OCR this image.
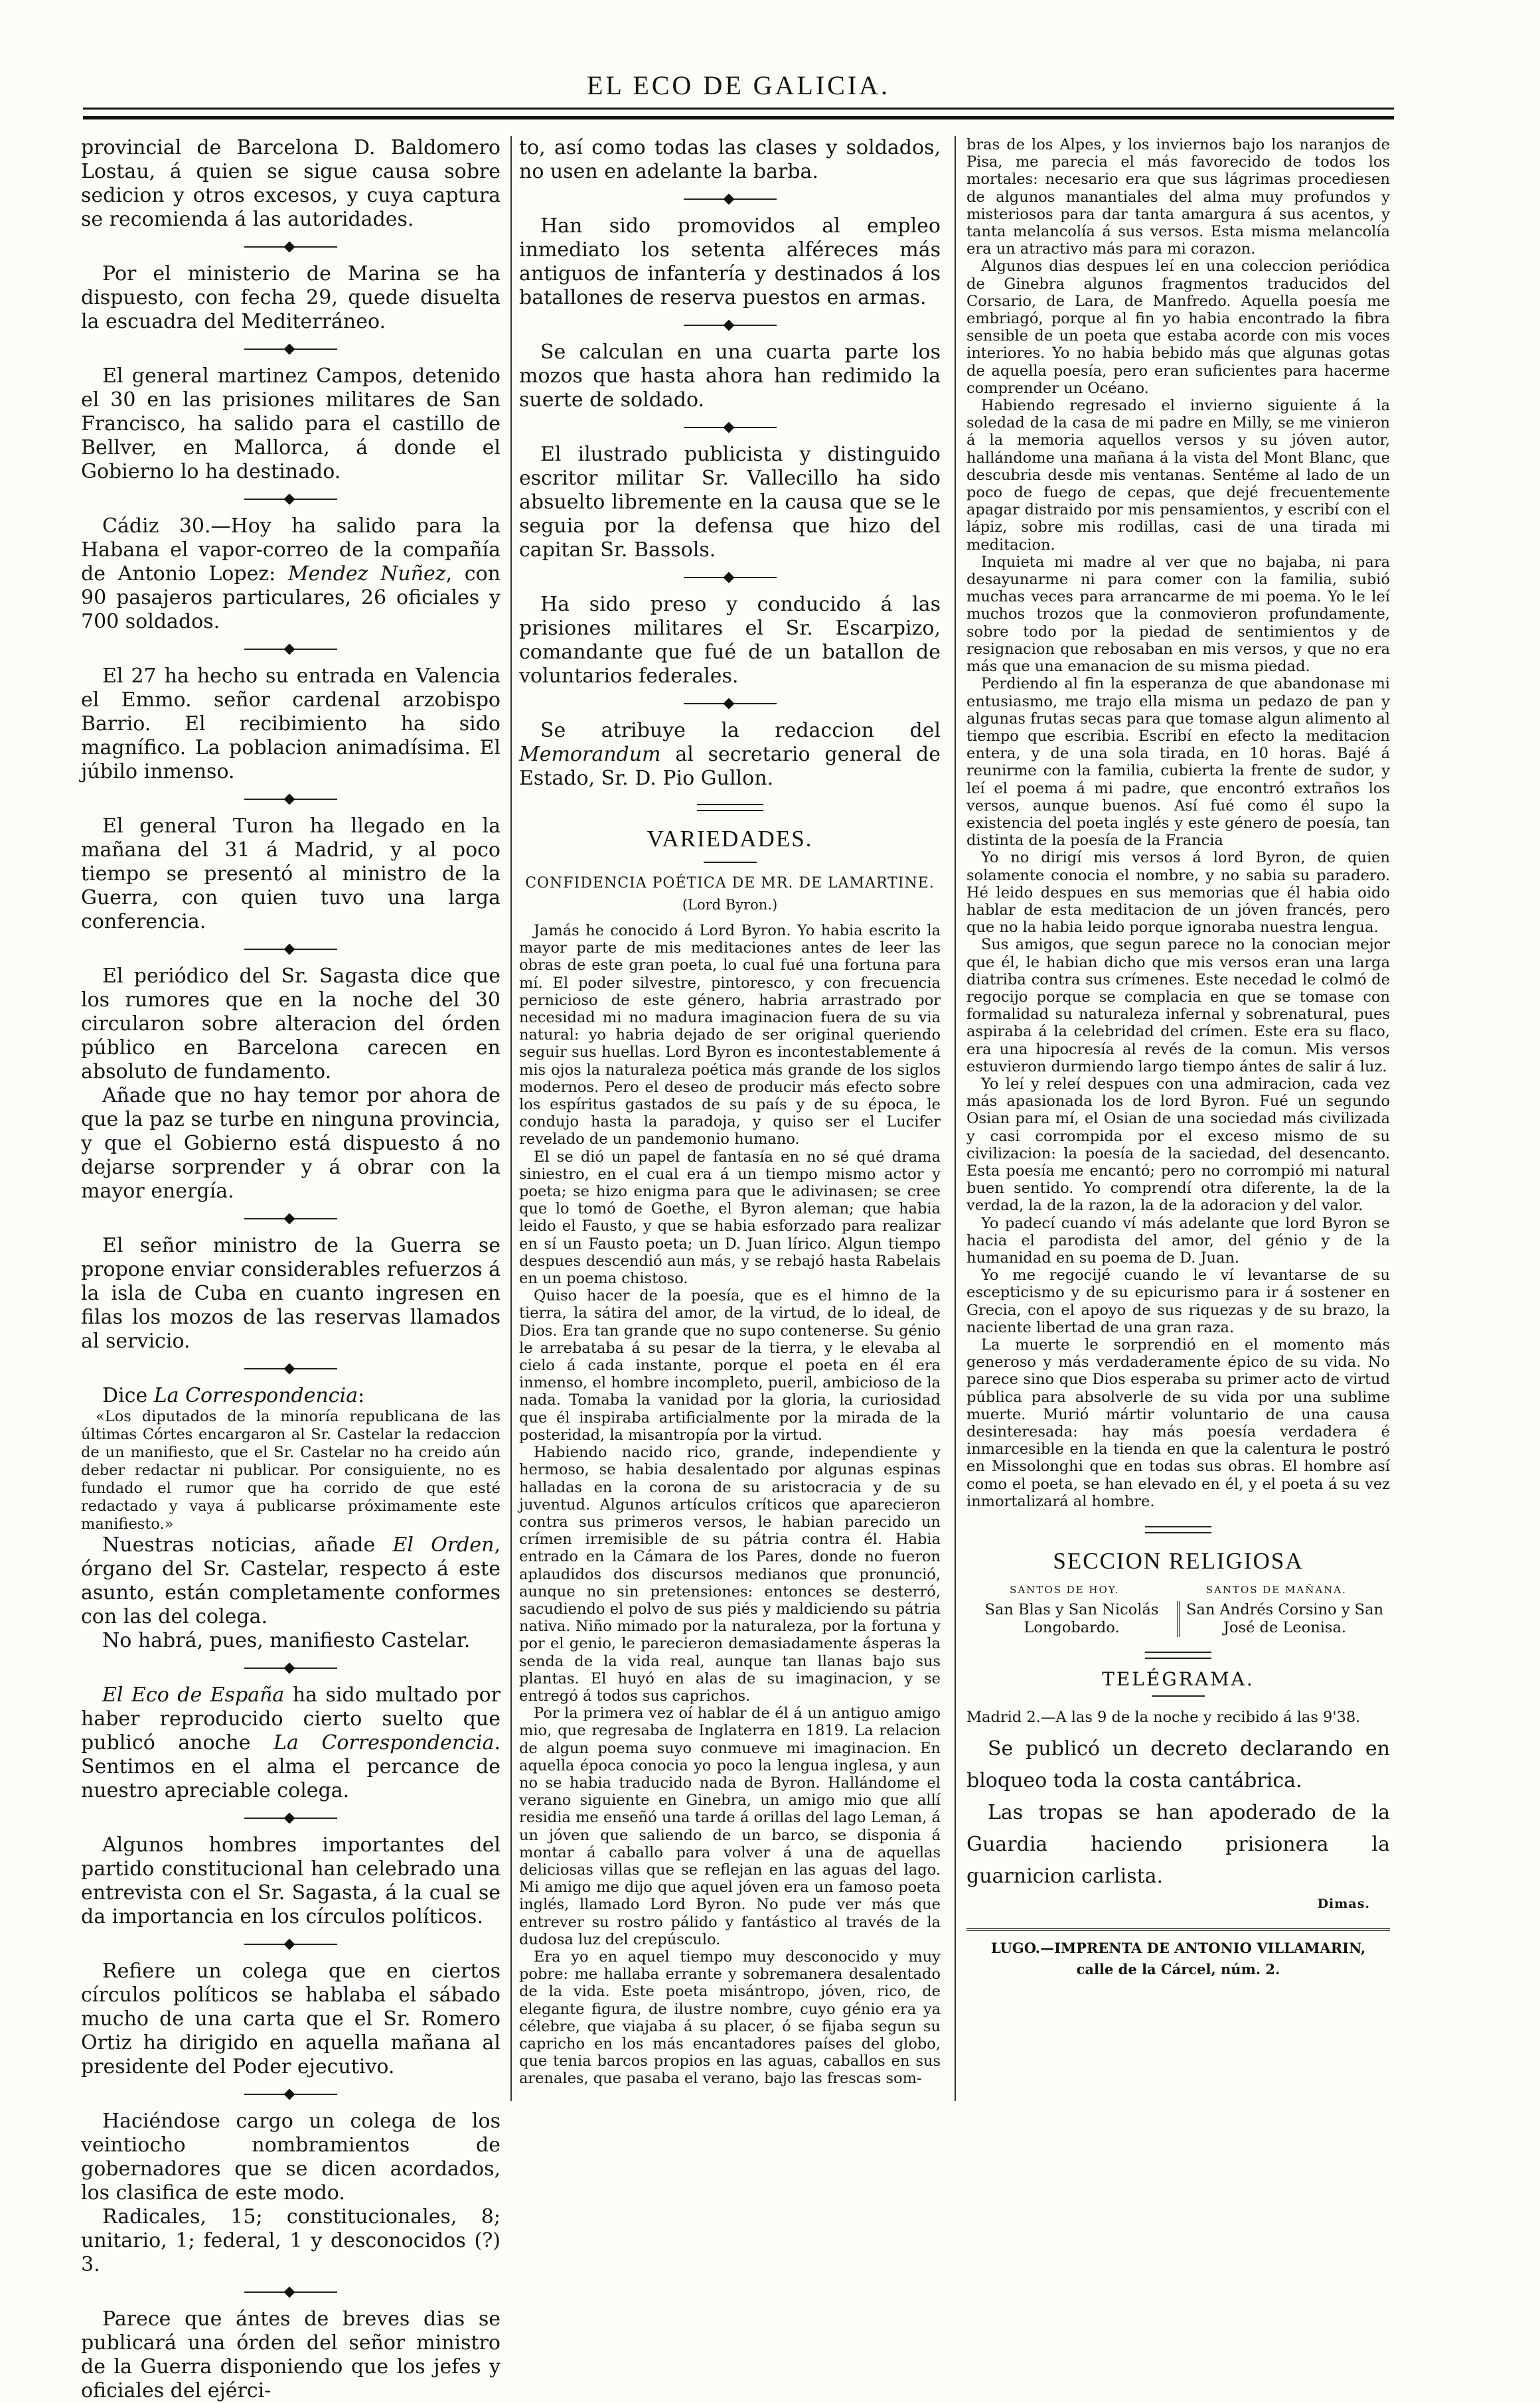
EL ECO DE GALICIA.

provincial de Barcelona D. Baldomero Lostau, á quien se sigue causa sobre sedicion y otros excesos, y cuya captura se recomienda á las autoridades.

Por el ministerio de Marina se ha dispuesto, con fecha 29, quede disuelta la escuadra del Mediterráneo.

El general martinez Campos, detenido el 30 en las prisiones militares de San Francisco, ha salido para el castillo de Bellver, en Mallorca, á donde el Gobierno lo ha destinado.

Cádiz 30.—Hoy ha salido para la Habana el vapor-correo de la compañía de Antonio Lopez: Mendez Nuñez, con 90 pasajeros particulares, 26 oficiales y 700 soldados.

El 27 ha hecho su entrada en Valencia el Emmo. señor cardenal arzobispo Barrio. El recibimiento ha sido magnífico. La poblacion animadísima. El júbilo inmenso.

El general Turon ha llegado en la mañana del 31 á Madrid, y al poco tiempo se presentó al ministro de la Guerra, con quien tuvo una larga conferencia.

El periódico del Sr. Sagasta dice que los rumores que en la noche del 30 circularon sobre alteracion del órden público en Barcelona carecen en absoluto de fundamento.

Añade que no hay temor por ahora de que la paz se turbe en ninguna provincia, y que el Gobierno está dispuesto á no dejarse sorprender y á obrar con la mayor energía.

El señor ministro de la Guerra se propone enviar considerables refuerzos á la isla de Cuba en cuanto ingresen en filas los mozos de las reservas llamados al servicio.

Dice La Correspondencia:

«Los diputados de la minoría republicana de las últimas Córtes encargaron al Sr. Castelar la redaccion de un manifiesto, que el Sr. Castelar no ha creido aún deber redactar ni publicar. Por consiguiente, no es fundado el rumor que ha corrido de que esté redactado y vaya á publicarse próximamente este manifiesto.»

Nuestras noticias, añade El Orden, órgano del Sr. Castelar, respecto á este asunto, están completamente conformes con las del colega.

No habrá, pues, manifiesto Castelar.

El Eco de España ha sido multado por haber reproducido cierto suelto que publicó anoche La Correspondencia. Sentimos en el alma el percance de nuestro apreciable colega.

Algunos hombres importantes del partido constitucional han celebrado una entrevista con el Sr. Sagasta, á la cual se da importancia en los círculos políticos.

Refiere un colega que en ciertos círculos políticos se hablaba el sábado mucho de una carta que el Sr. Romero Ortiz ha dirigido en aquella mañana al presidente del Poder ejecutivo.

Haciéndose cargo un colega de los veintiocho nombramientos de gobernadores que se dicen acordados, los clasifica de este modo.

Radicales, 15; constitucionales, 8; unitario, 1; federal, 1 y desconocidos (?) 3.

Parece que ántes de breves dias se publicará una órden del señor ministro de la Guerra disponiendo que los jefes y oficiales del ejérci-

to, así como todas las clases y soldados, no usen en adelante la barba.

Han sido promovidos al empleo inmediato los setenta alféreces más antiguos de infantería y destinados á los batallones de reserva puestos en armas.

Se calculan en una cuarta parte los mozos que hasta ahora han redimido la suerte de soldado.

El ilustrado publicista y distinguido escritor militar Sr. Vallecillo ha sido absuelto libremente en la causa que se le seguia por la defensa que hizo del capitan Sr. Bassols.

Ha sido preso y conducido á las prisiones militares el Sr. Escarpizo, comandante que fué de un batallon de voluntarios federales.

Se atribuye la redaccion del Memorandum al secretario general de Estado, Sr. D. Pio Gullon.

VARIEDADES.
CONFIDENCIA POÉTICA DE MR. DE LAMARTINE.
(Lord Byron.)

Jamás he conocido á Lord Byron. Yo habia escrito la mayor parte de mis meditaciones antes de leer las obras de este gran poeta, lo cual fué una fortuna para mí. El poder silvestre, pintoresco, y con frecuencia pernicioso de este género, habria arrastrado por necesidad mi no madura imaginacion fuera de su via natural: yo habria dejado de ser original queriendo seguir sus huellas. Lord Byron es incontestablemente á mis ojos la naturaleza poética más grande de los siglos modernos. Pero el deseo de producir más efecto sobre los espíritus gastados de su país y de su época, le condujo hasta la paradoja, y quiso ser el Lucifer revelado de un pandemonio humano.

El se dió un papel de fantasía en no sé qué drama siniestro, en el cual era á un tiempo mismo actor y poeta; se hizo enigma para que le adivinasen; se cree que lo tomó de Goethe, el Byron aleman; que habia leido el Fausto, y que se habia esforzado para realizar en sí un Fausto poeta; un D. Juan lírico. Algun tiempo despues descendió aun más, y se rebajó hasta Rabelais en un poema chistoso.

Quiso hacer de la poesía, que es el himno de la tierra, la sátira del amor, de la virtud, de lo ideal, de Dios. Era tan grande que no supo contenerse. Su génio le arrebataba á su pesar de la tierra, y le elevaba al cielo á cada instante, porque el poeta en él era inmenso, el hombre incompleto, pueril, ambicioso de la nada. Tomaba la vanidad por la gloria, la curiosidad que él inspiraba artificialmente por la mirada de la posteridad, la misantropía por la virtud.

Habiendo nacido rico, grande, independiente y hermoso, se habia desalentado por algunas espinas halladas en la corona de su aristocracia y de su juventud. Algunos artículos críticos que aparecieron contra sus primeros versos, le habian parecido un crímen irremisible de su pátria contra él. Habia entrado en la Cámara de los Pares, donde no fueron aplaudidos dos discursos medianos que pronunció, aunque no sin pretensiones: entonces se desterró, sacudiendo el polvo de sus piés y maldiciendo su pátria nativa. Niño mimado por la naturaleza, por la fortuna y por el genio, le parecieron demasiadamente ásperas la senda de la vida real, aunque tan llanas bajo sus plantas. El huyó en alas de su imaginacion, y se entregó á todos sus caprichos.

Por la primera vez oí hablar de él á un antiguo amigo mio, que regresaba de Inglaterra en 1819. La relacion de algun poema suyo conmueve mi imaginacion. En aquella época conocia yo poco la lengua inglesa, y aun no se habia traducido nada de Byron. Hallándome el verano siguiente en Ginebra, un amigo mio que allí residia me enseñó una tarde á orillas del lago Leman, á un jóven que saliendo de un barco, se disponia á montar á caballo para volver á una de aquellas deliciosas villas que se reflejan en las aguas del lago. Mi amigo me dijo que aquel jóven era un famoso poeta inglés, llamado Lord Byron. No pude ver más que entrever su rostro pálido y fantástico al través de la dudosa luz del crepúsculo.

Era yo en aquel tiempo muy desconocido y muy pobre: me hallaba errante y sobremanera desalentado de la vida. Este poeta misántropo, jóven, rico, de elegante figura, de ilustre nombre, cuyo génio era ya célebre, que viajaba á su placer, ó se fijaba segun su capricho en los más encantadores países del globo, que tenia barcos propios en las aguas, caballos en sus arenales, que pasaba el verano, bajo las frescas som-

bras de los Alpes, y los inviernos bajo los naranjos de Pisa, me parecia el más favorecido de todos los mortales: necesario era que sus lágrimas procediesen de algunos manantiales del alma muy profundos y misteriosos para dar tanta amargura á sus acentos, y tanta melancolía á sus versos. Esta misma melancolía era un atractivo más para mi corazon.

Algunos dias despues leí en una coleccion periódica de Ginebra algunos fragmentos traducidos del Corsario, de Lara, de Manfredo. Aquella poesía me embriagó, porque al fin yo habia encontrado la fibra sensible de un poeta que estaba acorde con mis voces interiores. Yo no habia bebido más que algunas gotas de aquella poesía, pero eran suficientes para hacerme comprender un Océano.

Habiendo regresado el invierno siguiente á la soledad de la casa de mi padre en Milly, se me vinieron á la memoria aquellos versos y su jóven autor, hallándome una mañana á la vista del Mont Blanc, que descubria desde mis ventanas. Sentéme al lado de un poco de fuego de cepas, que dejé frecuentemente apagar distraido por mis pensamientos, y escribí con el lápiz, sobre mis rodillas, casi de una tirada mi meditacion.

Inquieta mi madre al ver que no bajaba, ni para desayunarme ni para comer con la familia, subió muchas veces para arrancarme de mi poema. Yo le leí muchos trozos que la conmovieron profundamente, sobre todo por la piedad de sentimientos y de resignacion que rebosaban en mis versos, y que no era más que una emanacion de su misma piedad.

Perdiendo al fin la esperanza de que abandonase mi entusiasmo, me trajo ella misma un pedazo de pan y algunas frutas secas para que tomase algun alimento al tiempo que escribia. Escribí en efecto la meditacion entera, y de una sola tirada, en 10 horas. Bajé á reunirme con la familia, cubierta la frente de sudor, y leí el poema á mi padre, que encontró extraños los versos, aunque buenos. Así fué como él supo la existencia del poeta inglés y este género de poesía, tan distinta de la poesía de la Francia

Yo no dirigí mis versos á lord Byron, de quien solamente conocia el nombre, y no sabia su paradero. Hé leido despues en sus memorias que él habia oido hablar de esta meditacion de un jóven francés, pero que no la habia leido porque ignoraba nuestra lengua.

Sus amigos, que segun parece no la conocian mejor que él, le habian dicho que mis versos eran una larga diatriba contra sus crímenes. Este necedad le colmó de regocijo porque se complacia en que se tomase con formalidad su naturaleza infernal y sobrenatural, pues aspiraba á la celebridad del crímen. Este era su flaco, era una hipocresía al revés de la comun. Mis versos estuvieron durmiendo largo tiempo ántes de salir á luz.

Yo leí y releí despues con una admiracion, cada vez más apasionada los de lord Byron. Fué un segundo Osian para mí, el Osian de una sociedad más civilizada y casi corrompida por el exceso mismo de su civilizacion: la poesía de la saciedad, del desencanto. Esta poesía me encantó; pero no corrompió mi natural buen sentido. Yo comprendí otra diferente, la de la verdad, la de la razon, la de la adoracion y del valor.

Yo padecí cuando ví más adelante que lord Byron se hacia el parodista del amor, del génio y de la humanidad en su poema de D. Juan.

Yo me regocijé cuando le ví levantarse de su escepticismo y de su epicurismo para ir á sostener en Grecia, con el apoyo de sus riquezas y de su brazo, la naciente libertad de una gran raza.

La muerte le sorprendió en el momento más generoso y más verdaderamente épico de su vida. No parece sino que Dios esperaba su primer acto de virtud pública para absolverle de su vida por una sublime muerte. Murió mártir voluntario de una causa desinteresada: hay más poesía verdadera é inmarcesible en la tienda en que la calentura le postró en Missolonghi que en todas sus obras. El hombre así como el poeta, se han elevado en él, y el poeta á su vez inmortalizará al hombre.

SECCION RELIGIOSA
SANTOS DE HOY.	SANTOS DE MAÑANA.
San Blas y San Nicolás Longobardo.
San Andrés Corsino y San José de Leonisa.
TELÉGRAMA.

Madrid 2.—A las 9 de la noche y recibido á las 9'38.

Se publicó un decreto declarando en bloqueo toda la costa cantábrica.

Las tropas se han apoderado de la Guardia haciendo prisionera la guarnicion carlista.

Dimas.
LUGO.—IMPRENTA DE ANTONIO VILLAMARIN,
calle de la Cárcel, núm. 2.
